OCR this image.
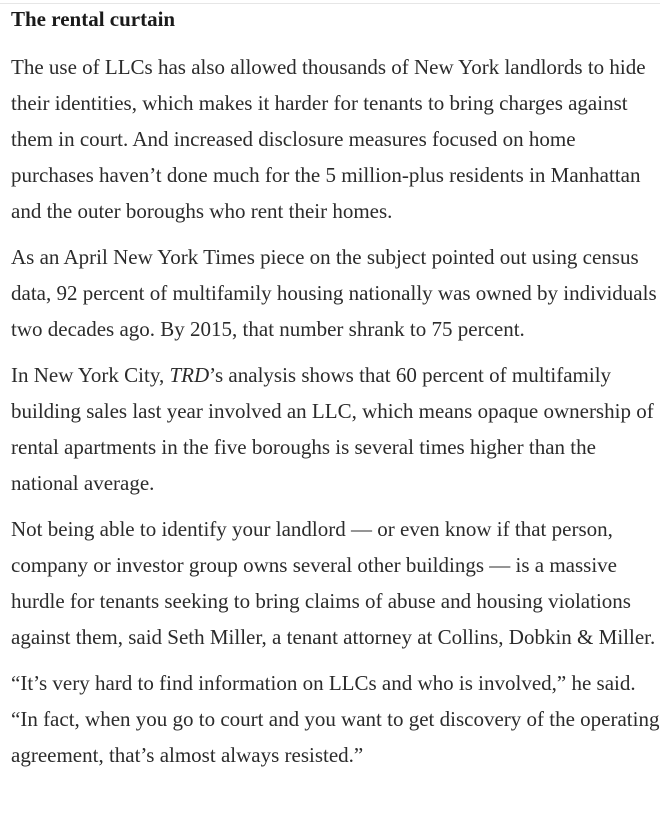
The rental curtain

The use of LLCs has also allowed thousands of New York landlords to hide their identities, which makes it harder for tenants to bring charges against them in court. And increased disclosure measures focused on home purchases haven’t done much for the 5 million-plus residents in Manhattan and the outer boroughs who rent their homes.

As an April New York Times piece on the subject pointed out using census data, 92 percent of multifamily housing nationally was owned by individuals two decades ago. By 2015, that number shrank to 75 percent.

In New York City, TRD’s analysis shows that 60 percent of multifamily building sales last year involved an LLC, which means opaque ownership of rental apartments in the five boroughs is several times higher than the national average.

Not being able to identify your landlord — or even know if that person, company or investor group owns several other buildings — is a massive hurdle for tenants seeking to bring claims of abuse and housing violations against them, said Seth Miller, a tenant attorney at Collins, Dobkin & Miller.

“It’s very hard to find information on LLCs and who is involved,” he said. “In fact, when you go to court and you want to get discovery of the operating agreement, that’s almost always resisted.”
